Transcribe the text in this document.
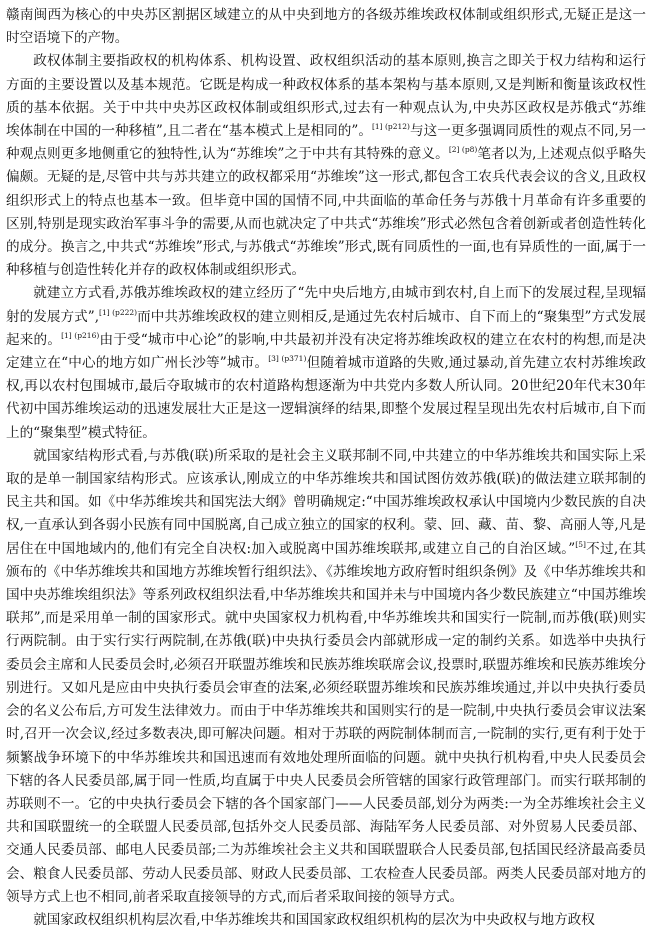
赣南闽西为核心的中央苏区割据区域建立的从中央到地方的各级苏维埃政权体制或组织形式,无疑正是这一时空语境下的产物。

政权体制主要指政权的机构体系、机构设置、政权组织活动的基本原则,换言之即关于权力结构和运行方面的主要设置以及基本规范。它既是构成一种政权体系的基本架构与基本原则,又是判断和衡量该政权性质的基本依据。关于中共中央苏区政权体制或组织形式,过去有一种观点认为,中央苏区政权是苏俄式“苏维埃体制在中国的一种移植”,且二者在“基本模式上是相同的”。$^{[1] (p212)}$与这一更多强调同质性的观点不同,另一种观点则更多地侧重它的独特性,认为“苏维埃”之于中共有其特殊的意义。$^{[2] (p8)}$笔者以为,上述观点似乎略失偏颇。无疑的是,尽管中共与苏共建立的政权都采用“苏维埃”这一形式,都包含工农兵代表会议的含义,且政权组织形式上的特点也基本一致。但毕竟中国的国情不同,中共面临的革命任务与苏俄十月革命有许多重要的区别,特别是现实政治军事斗争的需要,从而也就决定了中共式“苏维埃”形式必然包含着创新或者创造性转化的成分。换言之,中共式“苏维埃”形式,与苏俄式“苏维埃”形式,既有同质性的一面,也有异质性的一面,属于一种移植与创造性转化并存的政权体制或组织形式。

就建立方式看,苏俄苏维埃政权的建立经历了“先中央后地方,由城市到农村,自上而下的发展过程,呈现辐射的发展方式”,$^{[1] (p222)}$而中共苏维埃政权的建立则相反,是通过先农村后城市、自下而上的“聚集型”方式发展起来的。$^{[1] (p216)}$由于受“城市中心论”的影响,中共最初并没有决定将苏维埃政权的建立在农村的构想,而是决定建立在“中心的地方如广州长沙等”城市。$^{[3] (p371)}$但随着城市道路的失败,通过暴动,首先建立农村苏维埃政权,再以农村包围城市,最后夺取城市的农村道路构想逐渐为中共党内多数人所认同。20世纪20年代末30年代初中国苏维埃运动的迅速发展壮大正是这一逻辑演绎的结果,即整个发展过程呈现出先农村后城市,自下而上的“聚集型”模式特征。

就国家结构形式看,与苏俄(联)所采取的是社会主义联邦制不同,中共建立的中华苏维埃共和国实际上采取的是单一制国家结构形式。应该承认,刚成立的中华苏维埃共和国试图仿效苏俄(联)的做法建立联邦制的民主共和国。如《中华苏维埃共和国宪法大纲》曾明确规定:“中国苏维埃政权承认中国境内少数民族的自决权,一直承认到各弱小民族有同中国脱离,自己成立独立的国家的权利。蒙、回、藏、苗、黎、高丽人等,凡是居住在中国地域内的,他们有完全自决权:加入或脱离中国苏维埃联邦,或建立自己的自治区域。”[5]不过,在其颁布的《中华苏维埃共和国地方苏维埃暂行组织法》、《苏维埃地方政府暂时组织条例》及《中华苏维埃共和国中央苏维埃组织法》等系列政权组织法看,中华苏维埃共和国并未与中国境内各少数民族建立“中国苏维埃联邦”,而是采用单一制的国家形式。就中央国家权力机构看,中华苏维埃共和国实行一院制,而苏俄(联)则实行两院制。由于实行实行两院制,在苏俄(联)中央执行委员会内部就形成一定的制约关系。如选举中央执行委员会主席和人民委员会时,必须召开联盟苏维埃和民族苏维埃联席会议,投票时,联盟苏维埃和民族苏维埃分别进行。又如凡是应由中央执行委员会审查的法案,必须经联盟苏维埃和民族苏维埃通过,并以中央执行委员会的名义公布后,方可发生法律效力。而由于中华苏维埃共和国则实行的是一院制,中央执行委员会审议法案时,召开一次会议,经过多数表决,即可解决问题。相对于苏联的两院制体制而言,一院制的实行,更有利于处于频繁战争环境下的中华苏维埃共和国迅速而有效地处理所面临的问题。就中央执行机构看,中央人民委员会下辖的各人民委员部,属于同一性质,均直属于中央人民委员会所管辖的国家行政管理部门。而实行联邦制的苏联则不一。它的中央执行委员会下辖的各个国家部门——人民委员部,划分为两类:一为全苏维埃社会主义共和国联盟统一的全联盟人民委员部,包括外交人民委员部、海陆军务人民委员部、对外贸易人民委员部、交通人民委员部、邮电人民委员部;二为苏维埃社会主义共和国联盟联合人民委员部,包括国民经济最高委员会、粮食人民委员部、劳动人民委员部、财政人民委员部、工农检查人民委员部。两类人民委员部对地方的领导方式上也不相同,前者采取直接领导的方式,而后者采取间接的领导方式。

就国家政权组织机构层次看,中华苏维埃共和国国家政权组织机构的层次为中央政权与地方政权
